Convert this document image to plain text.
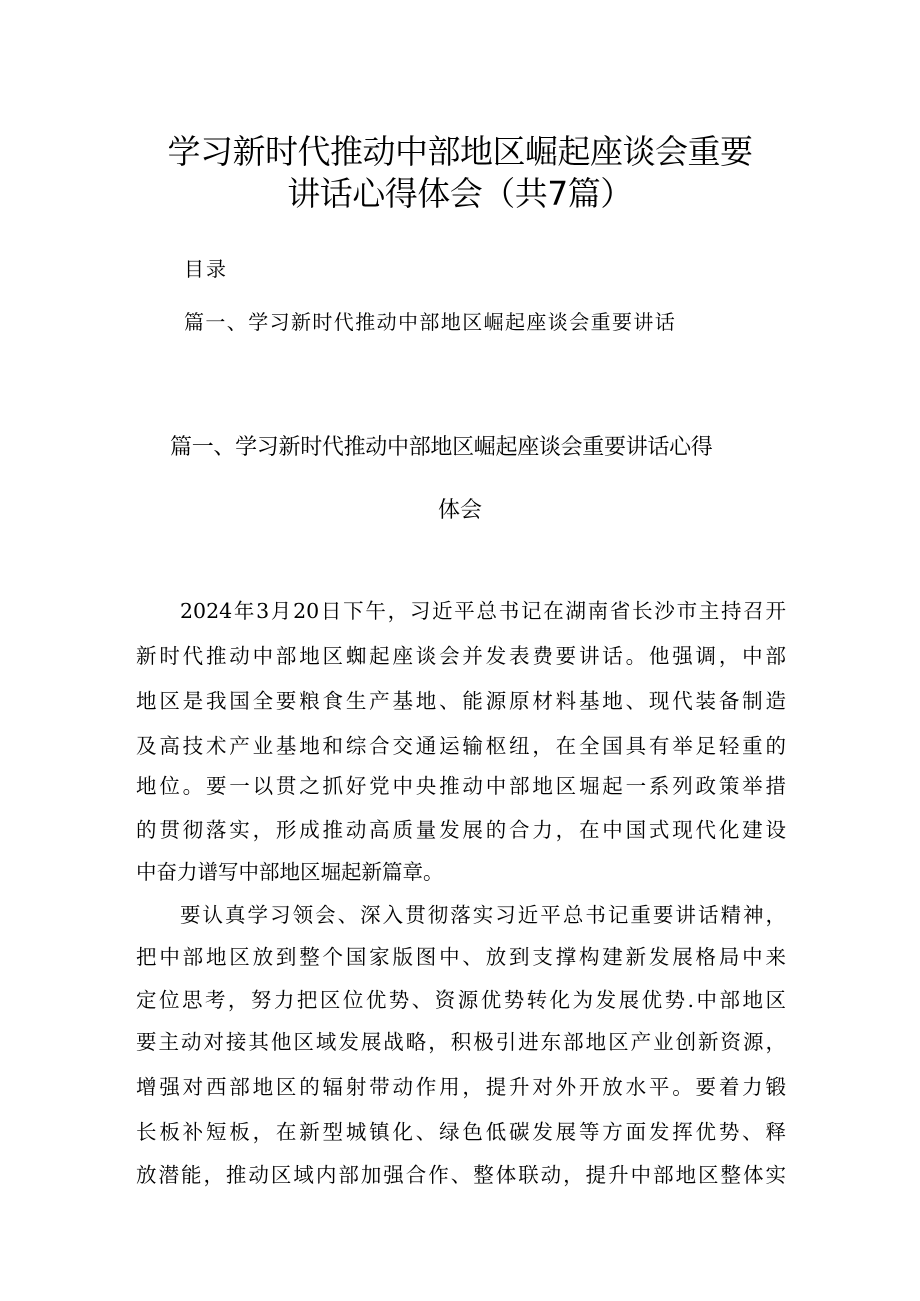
学习新时代推动中部地区崛起座谈会重要
讲话心得体会（共7篇）
目录
篇一、学习新时代推动中部地区崛起座谈会重要讲话
篇一、学习新时代推动中部地区崛起座谈会重要讲话心得
体会
2024年3月20日下午，习近平总书记在湖南省长沙市主持召开
新时代推动中部地区蜘起座谈会并发表费要讲话。他强调，中部
地区是我国全要粮食生产基地、能源原材料基地、现代装备制造
及高技术产业基地和综合交通运输枢纽，在全国具有举足轻重的
地位。要一以贯之抓好党中央推动中部地区堀起一系列政策举措
的贯彻落实，形成推动高质量发展的合力，在中国式现代化建设
中奋力谱写中部地区堀起新篇章。
要认真学习领会、深入贯彻落实习近平总书记重要讲话精神，
把中部地区放到整个国家版图中、放到支撑构建新发展格局中来
定位思考，努力把区位优势、资源优势转化为发展优势.中部地区
要主动对接其他区域发展战略，积极引进东部地区产业创新资源，
增强对西部地区的辐射带动作用，提升对外开放水平。要着力锻
长板补短板，在新型城镇化、绿色低碳发展等方面发挥优势、释
放潜能，推动区域内部加强合作、整体联动，提升中部地区整体实
